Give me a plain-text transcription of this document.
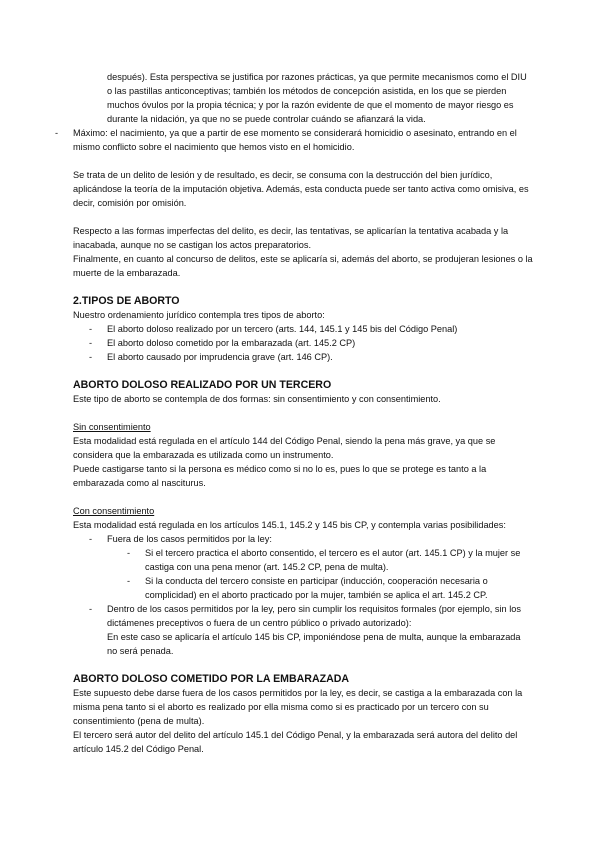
después). Esta perspectiva se justifica por razones prácticas, ya que permite mecanismos como el DIU o las pastillas anticonceptivas; también los métodos de concepción asistida, en los que se pierden muchos óvulos por la propia técnica; y por la razón evidente de que el momento de mayor riesgo es durante la nidación, ya que no se puede controlar cuándo se afianzará la vida.

- Máximo: el nacimiento, ya que a partir de ese momento se considerará homicidio o asesinato, entrando en el mismo conflicto sobre el nacimiento que hemos visto en el homicidio.

Se trata de un delito de lesión y de resultado, es decir, se consuma con la destrucción del bien jurídico, aplicándose la teoría de la imputación objetiva. Además, esta conducta puede ser tanto activa como omisiva, es decir, comisión por omisión.

Respecto a las formas imperfectas del delito, es decir, las tentativas, se aplicarían la tentativa acabada y la inacabada, aunque no se castigan los actos preparatorios.

Finalmente, en cuanto al concurso de delitos, este se aplicaría si, además del aborto, se produjeran lesiones o la muerte de la embarazada.

2.TIPOS DE ABORTO

Nuestro ordenamiento jurídico contempla tres tipos de aborto:

- El aborto doloso realizado por un tercero (arts. 144, 145.1 y 145 bis del Código Penal)
- El aborto doloso cometido por la embarazada (art. 145.2 CP)
- El aborto causado por imprudencia grave (art. 146 CP).

ABORTO DOLOSO REALIZADO POR UN TERCERO

Este tipo de aborto se contempla de dos formas: sin consentimiento y con consentimiento.

Sin consentimiento

Esta modalidad está regulada en el artículo 144 del Código Penal, siendo la pena más grave, ya que se considera que la embarazada es utilizada como un instrumento.

Puede castigarse tanto si la persona es médico como si no lo es, pues lo que se protege es tanto a la embarazada como al nasciturus.

Con consentimiento

Esta modalidad está regulada en los artículos 145.1, 145.2 y 145 bis CP, y contempla varias posibilidades:

- Fuera de los casos permitidos por la ley:
- Si el tercero practica el aborto consentido, el tercero es el autor (art. 145.1 CP) y la mujer se castiga con una pena menor (art. 145.2 CP, pena de multa).
- Si la conducta del tercero consiste en participar (inducción, cooperación necesaria o complicidad) en el aborto practicado por la mujer, también se aplica el art. 145.2 CP.
- Dentro de los casos permitidos por la ley, pero sin cumplir los requisitos formales (por ejemplo, sin los dictámenes preceptivos o fuera de un centro público o privado autorizado):

En este caso se aplicaría el artículo 145 bis CP, imponiéndose pena de multa, aunque la embarazada no será penada.

ABORTO DOLOSO COMETIDO POR LA EMBARAZADA

Este supuesto debe darse fuera de los casos permitidos por la ley, es decir, se castiga a la embarazada con la misma pena tanto si el aborto es realizado por ella misma como si es practicado por un tercero con su consentimiento (pena de multa).

El tercero será autor del delito del artículo 145.1 del Código Penal, y la embarazada será autora del delito del artículo 145.2 del Código Penal.
